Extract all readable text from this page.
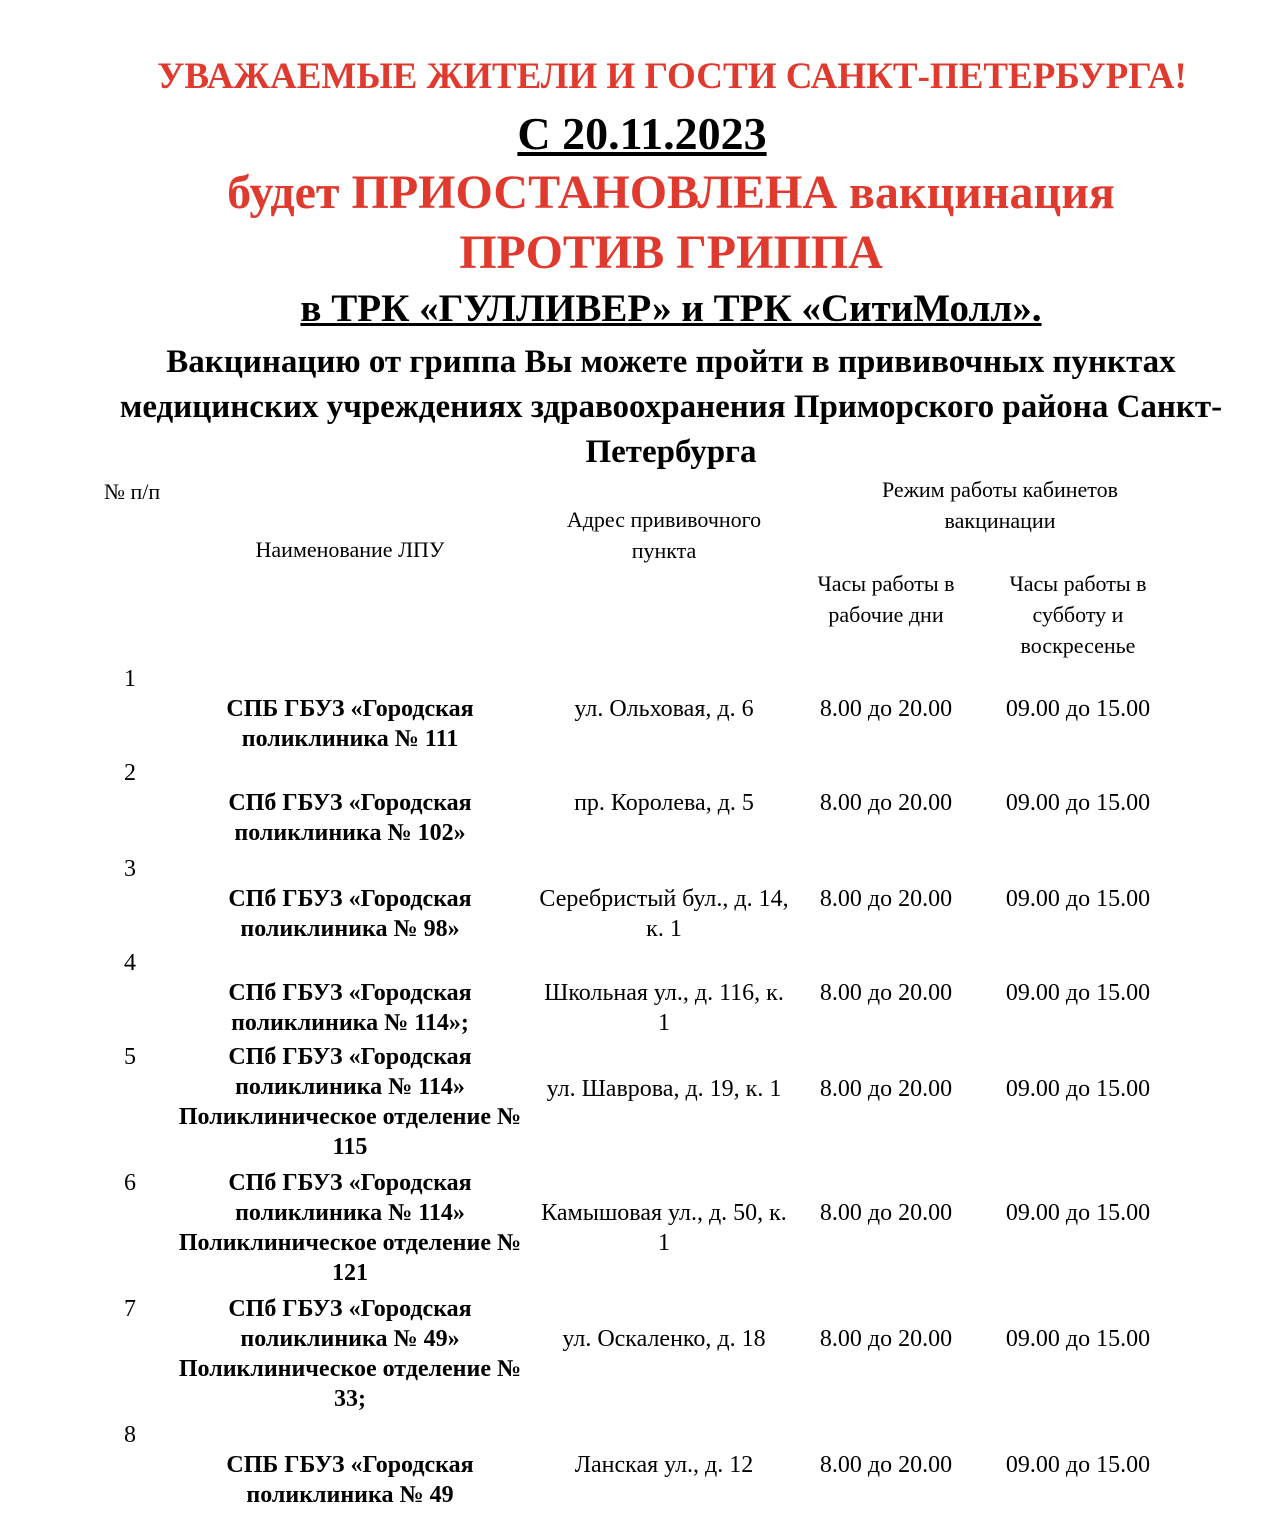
УВАЖАЕМЫЕ ЖИТЕЛИ И ГОСТИ САНКТ-ПЕТЕРБУРГА!
С 20.11.2023
будет ПРИОСТАНОВЛЕНА вакцинация
ПРОТИВ ГРИППА
в ТРК «ГУЛЛИВЕР» и ТРК «СитиМолл».
Вакцинацию от гриппа Вы можете пройти в прививочных пунктах медицинских учреждениях здравоохранения Приморского района Санкт-Петербурга
№ п/п
Наименование ЛПУ
Адрес прививочного пункта
Режим работы кабинетов вакцинации
Часы работы в рабочие дни
Часы работы в субботу и воскресенье
1
СПБ ГБУЗ «Городская поликлиника № 111
ул. Ольховая, д. 6	8.00 до 20.00	09.00 до 15.00
2
СПб ГБУЗ «Городская поликлиника № 102»
пр. Королева, д. 5	8.00 до 20.00	09.00 до 15.00
3
СПб ГБУЗ «Городская поликлиника № 98»
Серебристый бул., д. 14, к. 1
8.00 до 20.00	09.00 до 15.00
4
СПб ГБУЗ «Городская поликлиника № 114»;
Школьная ул., д. 116, к. 1
8.00 до 20.00	09.00 до 15.00
5	СПб ГБУЗ «Городская поликлиника № 114» Поликлиническое отделение № 115
ул. Шаврова, д. 19, к. 1	8.00 до 20.00	09.00 до 15.00
6	СПб ГБУЗ «Городская поликлиника № 114» Поликлиническое отделение № 121
Камышовая ул., д. 50, к. 1
8.00 до 20.00	09.00 до 15.00
7	СПб ГБУЗ «Городская поликлиника № 49» Поликлиническое отделение № 33;
ул. Оскаленко, д. 18	8.00 до 20.00	09.00 до 15.00
8
СПБ ГБУЗ «Городская поликлиника № 49
Ланская ул., д. 12	8.00 до 20.00	09.00 до 15.00
